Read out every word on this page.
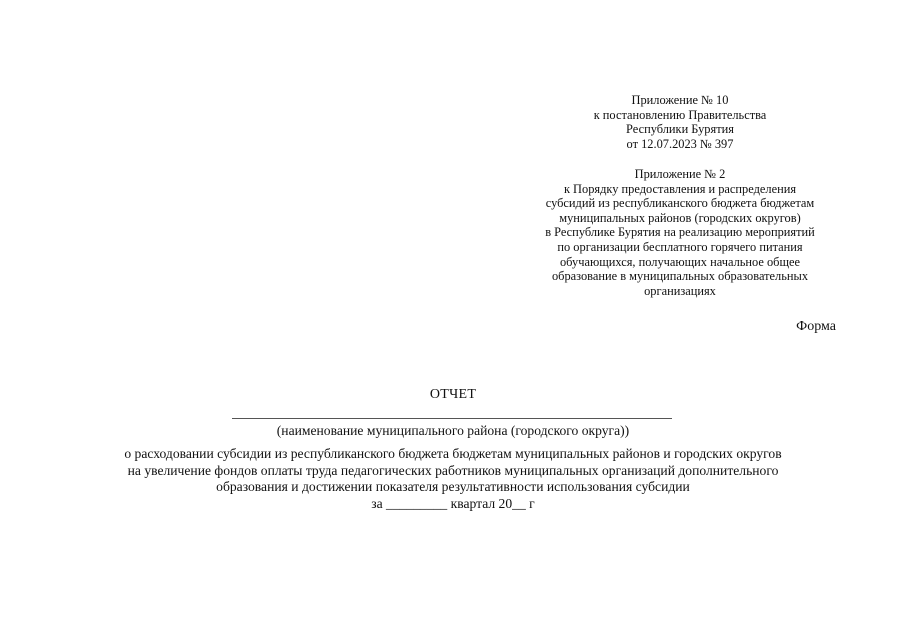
Приложение № 10
к постановлению Правительства
Республики Бурятия
от 12.07.2023 № 397
Приложение № 2
к Порядку предоставления и распределения
субсидий из республиканского бюджета бюджетам
муниципальных районов (городских округов)
в Республике Бурятия на реализацию мероприятий
по организации бесплатного горячего питания
обучающихся, получающих начальное общее
образование в муниципальных образовательных
организациях
Форма
ОТЧЕТ
(наименование муниципального района (городского округа))
о расходовании субсидии из республиканского бюджета бюджетам муниципальных районов и городских округов
на увеличение фондов оплаты труда педагогических работников муниципальных организаций дополнительного
образования и достижении показателя результативности использования субсидии
за _________ квартал 20__ г
